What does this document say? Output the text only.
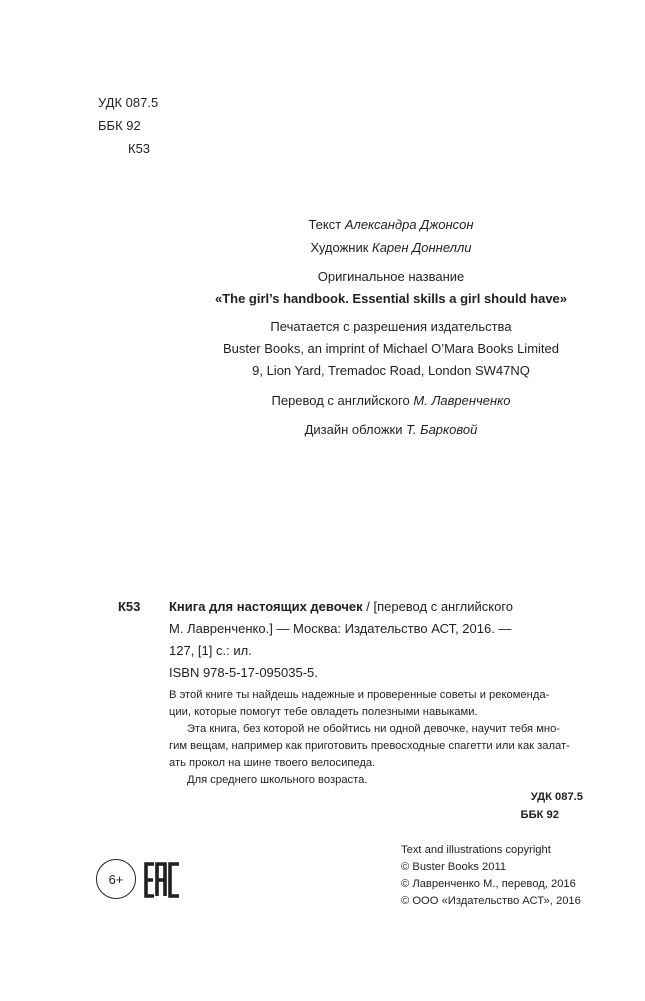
УДК 087.5
ББК 92
К53
Текст Александра Джонсон
Художник Карен Доннелли
Оригинальное название
«The girl’s handbook. Essential skills a girl should have»
Печатается с разрешения издательства
Buster Books, an imprint of Michael O’Mara Books Limited
9, Lion Yard, Tremadoc Road, London SW47NQ
Перевод с английского М. Лавренченко
Дизайн обложки Т. Барковой
К53 Книга для настоящих девочек / [перевод с английского
М. Лавренченко.] — Москва: Издательство АСТ, 2016. —
127, [1] с.: ил.
ISBN 978-5-17-095035-5.
В этой книге ты найдешь надежные и проверенные советы и рекоменда-
ции, которые помогут тебе овладеть полезными навыками.
Эта книга, без которой не обойтись ни одной девочке, научит тебя мно-
гим вещам, например как приготовить превосходные спагетти или как залат-
ать прокол на шине твоего велосипеда.
Для среднего школьного возраста.
УДК 087.5
ББК 92
6+
Text and illustrations copyright
© Buster Books 2011
© Лавренченко М., перевод, 2016
© ООО «Издательство АСТ», 2016
